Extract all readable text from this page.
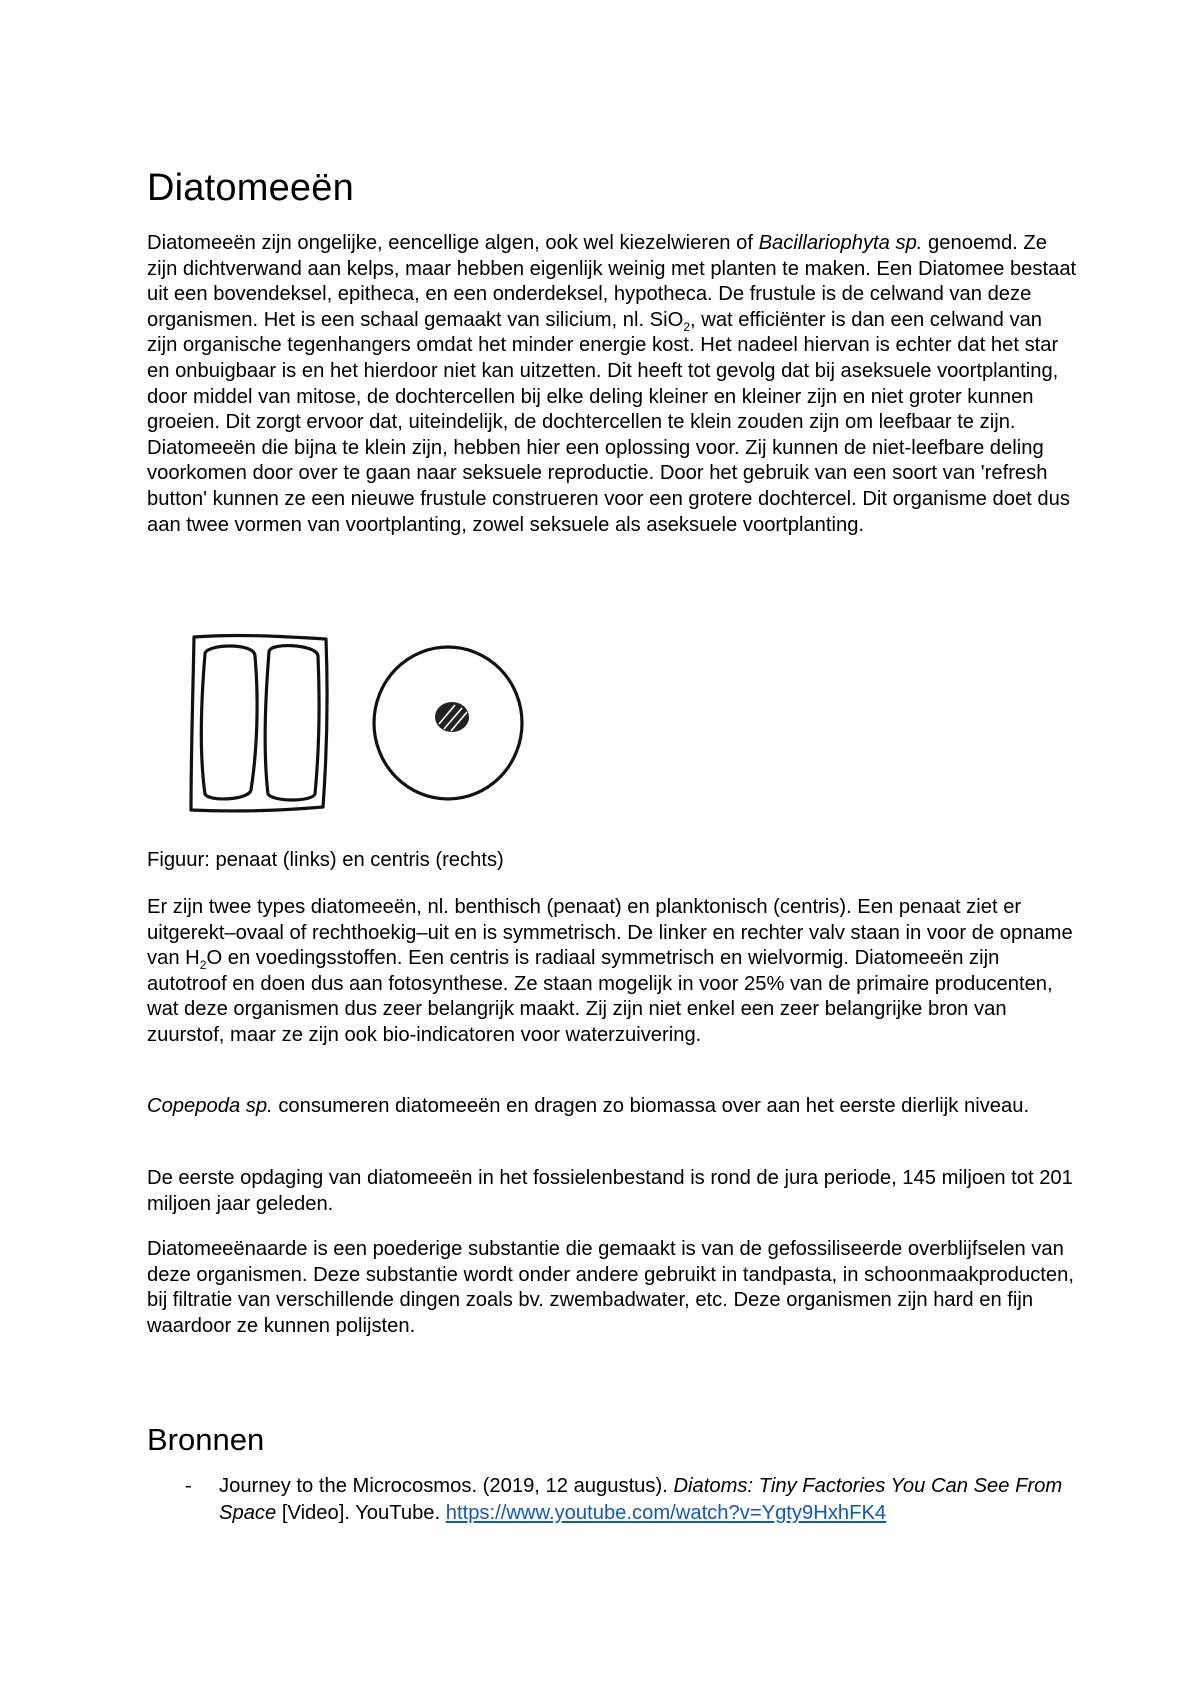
Diatomeeën

Diatomeeën zijn ongelijke, eencellige algen, ook wel kiezelwieren of Bacillariophyta sp. genoemd. Ze zijn dichtverwand aan kelps, maar hebben eigenlijk weinig met planten te maken. Een Diatomee bestaat uit een bovendeksel, epitheca, en een onderdeksel, hypotheca. De frustule is de celwand van deze organismen. Het is een schaal gemaakt van silicium, nl. SiO$_2$, wat efficiënter is dan een celwand van zijn organische tegenhangers omdat het minder energie kost. Het nadeel hiervan is echter dat het star en onbuigbaar is en het hierdoor niet kan uitzetten. Dit heeft tot gevolg dat bij aseksuele voortplanting, door middel van mitose, de dochtercellen bij elke deling kleiner en kleiner zijn en niet groter kunnen groeien. Dit zorgt ervoor dat, uiteindelijk, de dochtercellen te klein zouden zijn om leefbaar te zijn. Diatomeeën die bijna te klein zijn, hebben hier een oplossing voor. Zij kunnen de niet-leefbare deling voorkomen door over te gaan naar seksuele reproductie. Door het gebruik van een soort van 'refresh button' kunnen ze een nieuwe frustule construeren voor een grotere dochtercel. Dit organisme doet dus aan twee vormen van voortplanting, zowel seksuele als aseksuele voortplanting.

Figuur: penaat (links) en centris (rechts)

Er zijn twee types diatomeeën, nl. benthisch (penaat) en planktonisch (centris). Een penaat ziet er uitgerekt–ovaal of rechthoekig–uit en is symmetrisch. De linker en rechter valv staan in voor de opname van $H_2O$ en voedingsstoffen. Een centris is radiaal symmetrisch en wielvormig. Diatomeeën zijn autotroof en doen dus aan fotosynthese. Ze staan mogelijk in voor 25% van de primaire producenten, wat deze organismen dus zeer belangrijk maakt. Zij zijn niet enkel een zeer belangrijke bron van zuurstof, maar ze zijn ook bio-indicatoren voor waterzuivering.

Copepoda sp. consumeren diatomeeën en dragen zo biomassa over aan het eerste dierlijk niveau.

De eerste opdaging van diatomeeën in het fossielenbestand is rond de jura periode, 145 miljoen tot 201 miljoen jaar geleden.

Diatomeeënaarde is een poederige substantie die gemaakt is van de gefossiliseerde overblijfselen van deze organismen. Deze substantie wordt onder andere gebruikt in tandpasta, in schoonmaakproducten, bij filtratie van verschillende dingen zoals bv. zwembadwater, etc. Deze organismen zijn hard en fijn waardoor ze kunnen polijsten.

Bronnen
- Journey to the Microcosmos. (2019, 12 augustus). Diatoms: Tiny Factories You Can See From Space [Video]. YouTube. https://www.youtube.com/watch?v=Ygty9HxhFK4
